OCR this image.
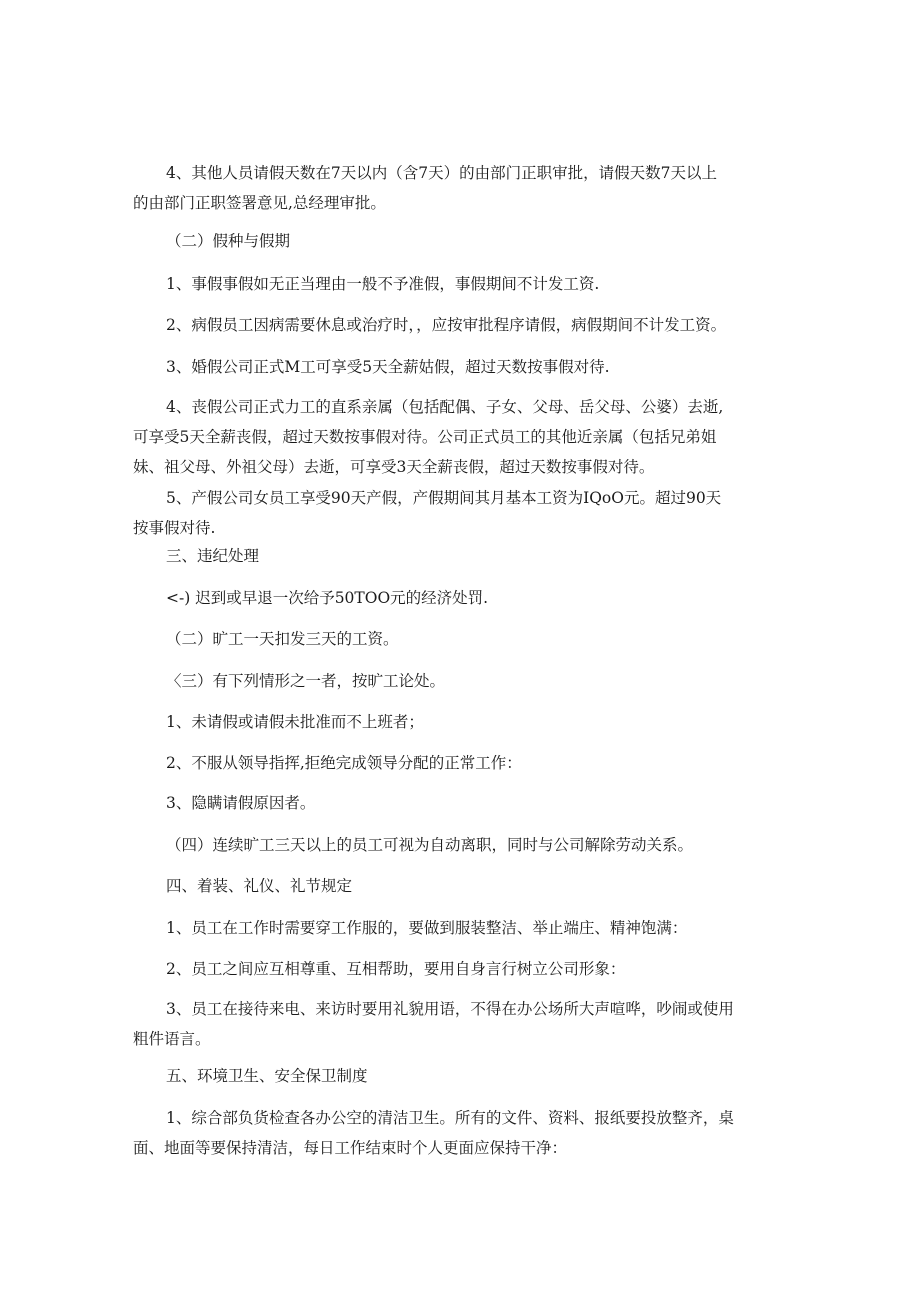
4、其他人员请假天数在7天以内（含7天）的由部门正职审批，请假天数7天以上
的由部门正职签署意见,总经理审批。

（二）假种与假期

1、事假事假如无正当理由一般不予准假，事假期间不计发工资.

2、病假员工因病需要休息或治疗时，，应按审批程序请假，病假期间不计发工资。

3、婚假公司正式M工可享受5天全薪姑假，超过天数按事假对待.

4、丧假公司正式力工的直系亲属（包括配偶、子女、父母、岳父母、公婆）去逝,
可享受5天全薪丧假，超过天数按事假对待。公司正式员工的其他近亲属（包括兄弟姐
妹、祖父母、外祖父母）去逝，可享受3天全薪丧假，超过天数按事假对待。

5、产假公司女员工享受90天产假，产假期间其月基本工资为IQoO元。超过90天
按事假对待.

三、违纪处理

<-) 迟到或早退一次给予50TOO元的经济处罚.

（二）旷工一天扣发三天的工资。

〈三）有下列情形之一者，按旷工论处。

1、未请假或请假未批准而不上班者；

2、不服从领导指挥,拒绝完成领导分配的正常工作：

3、隐瞒请假原因者。

（四）连续旷工三天以上的员工可视为自动离职，同时与公司解除劳动关系。

四、着装、礼仪、礼节规定

1、员工在工作时需要穿工作服的，要做到服装整洁、举止端庄、精神饱满：

2、员工之间应互相尊重、互相帮助，要用自身言行树立公司形象：

3、员工在接待来电、来访时要用礼貌用语，不得在办公场所大声喧哗，吵闹或使用
粗件语言。

五、环境卫生、安全保卫制度

1、综合部负货检查各办公空的清洁卫生。所有的文件、资料、报纸要投放整齐，桌
面、地面等要保持清洁，每日工作结束时个人更面应保持干净：
